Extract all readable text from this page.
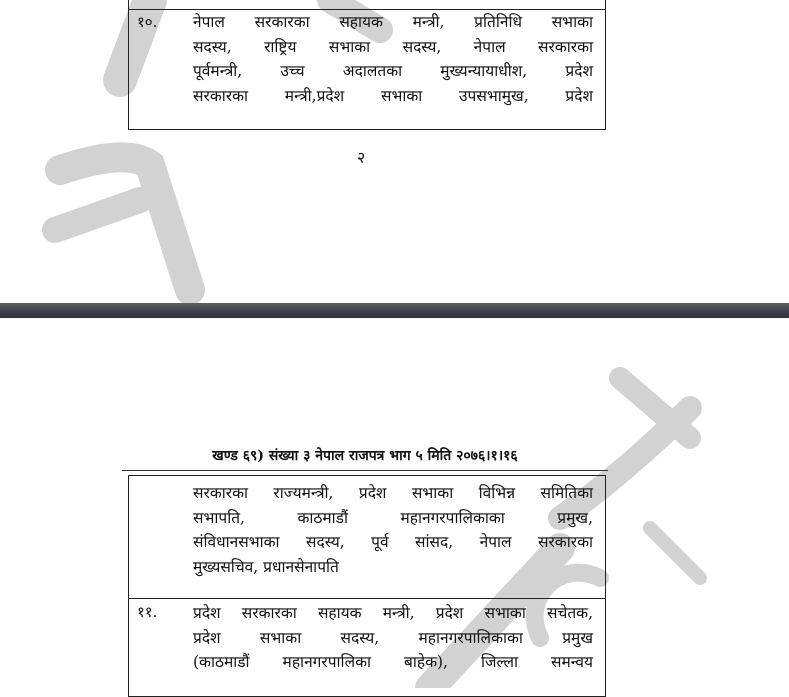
१०. नेपाल सरकारका सहायक मन्त्री, प्रतिनिधि सभाका
सदस्य, राष्ट्रिय सभाका सदस्य, नेपाल सरकारका
पूर्वमन्त्री, उच्च अदालतका मुख्यन्यायाधीश, प्रदेश
सरकारका मन्त्री,प्रदेश सभाका उपसभामुख, प्रदेश
२
खण्ड ६९) संख्या ३ नेपाल राजपत्र भाग ५ मिति २०७६।१।१६
सरकारका राज्यमन्त्री, प्रदेश सभाका विभिन्न समितिका
सभापति, काठमाडौं महानगरपालिकाका प्रमुख,
संविधानसभाका सदस्य, पूर्व सांसद, नेपाल सरकारका
मुख्यसचिव, प्रधानसेनापति
११. प्रदेश सरकारका सहायक मन्त्री, प्रदेश सभाका सचेतक,
प्रदेश सभाका सदस्य, महानगरपालिकाका प्रमुख
(काठमाडौं महानगरपालिका बाहेक), जिल्ला समन्वय
